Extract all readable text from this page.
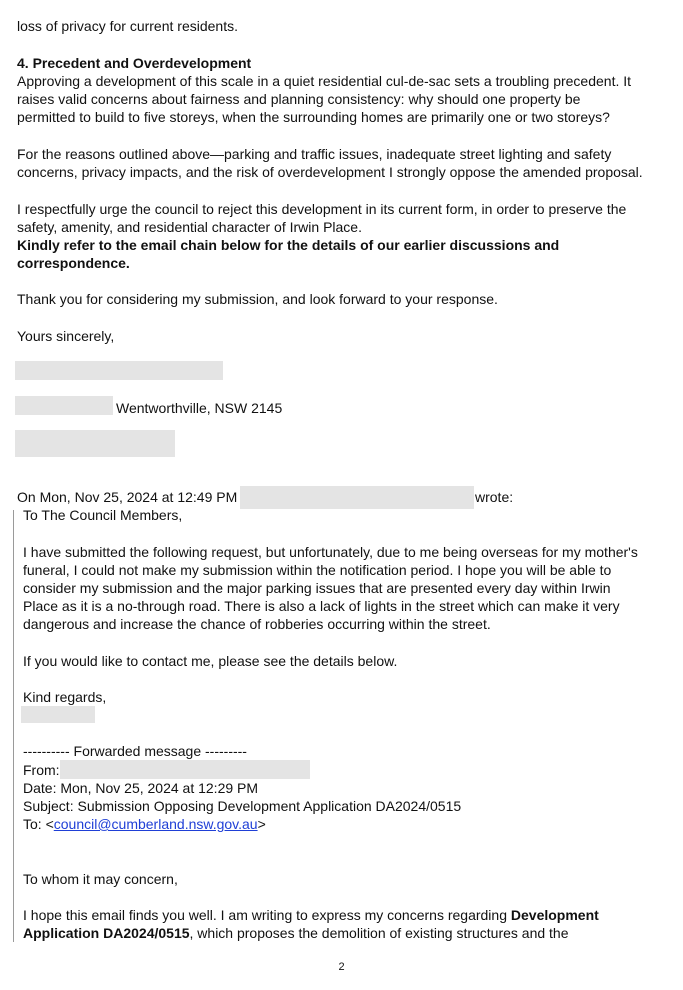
loss of privacy for current residents.
4. Precedent and Overdevelopment
Approving a development of this scale in a quiet residential cul-de-sac sets a troubling precedent. It
raises valid concerns about fairness and planning consistency: why should one property be
permitted to build to five storeys, when the surrounding homes are primarily one or two storeys?
For the reasons outlined above—parking and traffic issues, inadequate street lighting and safety
concerns, privacy impacts, and the risk of overdevelopment I strongly oppose the amended proposal.
I respectfully urge the council to reject this development in its current form, in order to preserve the
safety, amenity, and residential character of Irwin Place.
Kindly refer to the email chain below for the details of our earlier discussions and
correspondence.
Thank you for considering my submission, and look forward to your response.
Yours sincerely,
Wentworthville, NSW 2145
On Mon, Nov 25, 2024 at 12:49 PM	wrote:
To The Council Members,
I have submitted the following request, but unfortunately, due to me being overseas for my mother's
funeral, I could not make my submission within the notification period. I hope you will be able to
consider my submission and the major parking issues that are presented every day within Irwin
Place as it is a no-through road. There is also a lack of lights in the street which can make it very
dangerous and increase the chance of robberies occurring within the street.
If you would like to contact me, please see the details below.
Kind regards,
---------- Forwarded message ---------
From:
Date: Mon, Nov 25, 2024 at 12:29 PM
Subject: Submission Opposing Development Application DA2024/0515
To: <council@cumberland.nsw.gov.au>
To whom it may concern,
I hope this email finds you well. I am writing to express my concerns regarding Development
Application DA2024/0515, which proposes the demolition of existing structures and the
2
